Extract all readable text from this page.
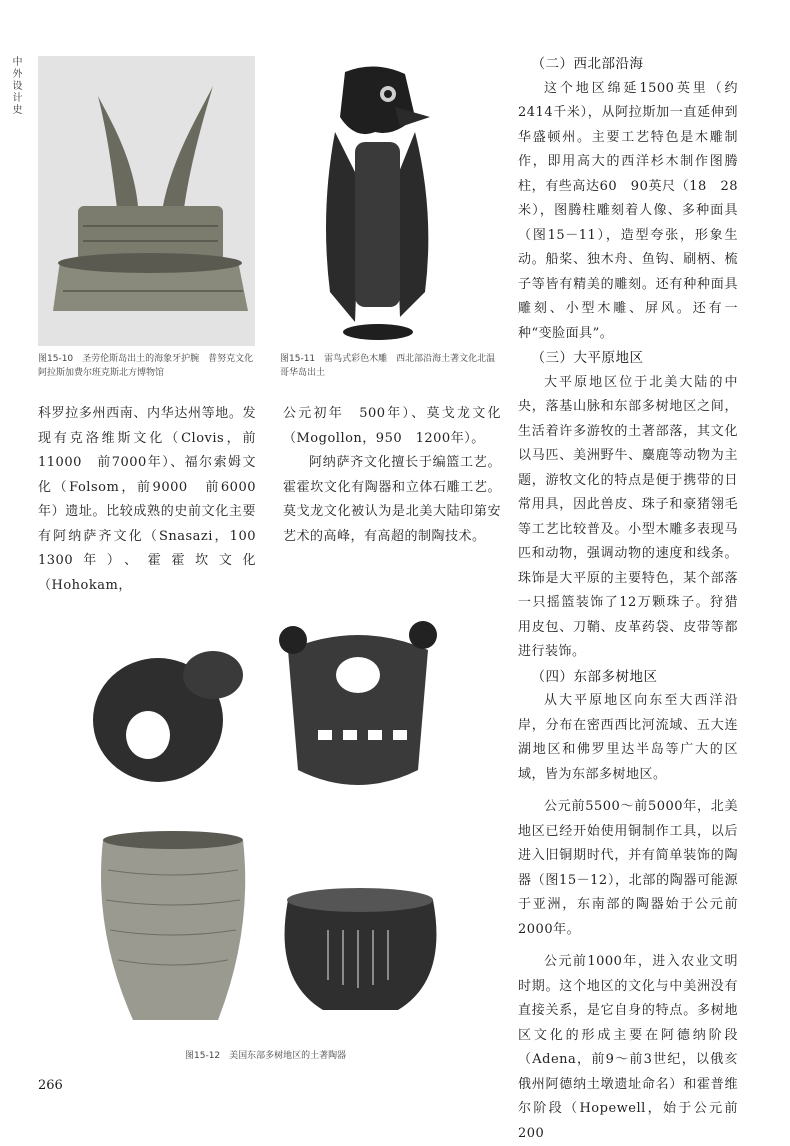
中外设计史
图15-10　圣劳伦斯岛出土的海象牙护腕　普努克文化　阿拉斯加费尔班克斯北方博物馆
图15-11　雷鸟式彩色木雕　西北部沿海土著文化北温哥华岛出土

科罗拉多州西南、内华达州等地。发现有克洛维斯文化（Clovis，前11000　前7000年）、福尔索姆文化（Folsom，前9000　前6000年）遗址。比较成熟的史前文化主要有阿纳萨齐文化（Snasazi，100　1300年）、霍霍坎文化（Hohokam，

公元初年　500年）、莫戈龙文化（Mogollon，950　1200年）。

阿纳萨齐文化擅长于编篮工艺。霍霍坎文化有陶器和立体石雕工艺。莫戈龙文化被认为是北美大陆印第安艺术的高峰，有高超的制陶技术。

图15-12　美国东部多树地区的土著陶器

（二）西北部沿海

这个地区绵延1500英里（约2414千米），从阿拉斯加一直延伸到华盛顿州。主要工艺特色是木雕制作，即用高大的西洋杉木制作图腾柱，有些高达60　90英尺（18　28米），图腾柱雕刻着人像、多种面具（图15－11），造型夸张，形象生动。船桨、独木舟、鱼钩、刷柄、梳子等皆有精美的雕刻。还有种种面具雕刻、小型木雕、屏风。还有一种“变脸面具”。

（三）大平原地区

大平原地区位于北美大陆的中央，落基山脉和东部多树地区之间，生活着许多游牧的土著部落，其文化以马匹、美洲野牛、麋鹿等动物为主题，游牧文化的特点是便于携带的日常用具，因此兽皮、珠子和豪猪翎毛等工艺比较普及。小型木雕多表现马匹和动物，强调动物的速度和线条。珠饰是大平原的主要特色，某个部落一只摇篮装饰了12万颗珠子。狩猎用皮包、刀鞘、皮革药袋、皮带等都进行装饰。

（四）东部多树地区

从大平原地区向东至大西洋沿岸，分布在密西西比河流域、五大连湖地区和佛罗里达半岛等广大的区域，皆为东部多树地区。

公元前5500～前5000年，北美地区已经开始使用铜制作工具，以后进入旧铜期时代，并有简单装饰的陶器（图15－12），北部的陶器可能源于亚洲，东南部的陶器始于公元前2000年。

公元前1000年，进入农业文明时期。这个地区的文化与中美洲没有直接关系，是它自身的特点。多树地区文化的形成主要在阿德纳阶段（Adena，前9～前3世纪，以俄亥俄州阿德纳土墩遗址命名）和霍普维尔阶段（Hopewell，始于公元前200

266
